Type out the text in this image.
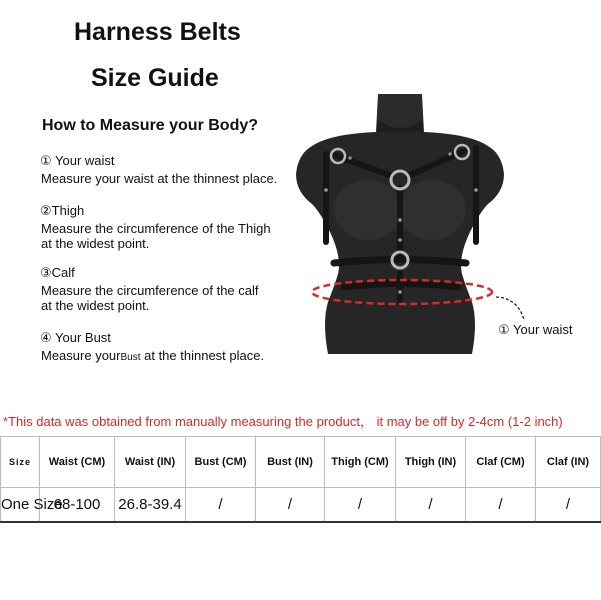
Harness Belts
Size Guide
How to Measure your Body?
① Your waist
Measure your waist at the thinnest place.
②Thigh
Measure the circumference of the Thigh
at the widest point.
③Calf
Measure the circumference of the calf
at the widest point.
④ Your Bust
Measure yourBust at the thinnest place.
① Your waist
*This data was obtained from manually measuring the product， it may be off by 2-4cm (1-2 inch)
Size	Waist (CM)	Waist (IN)	Bust (CM)	Bust (IN)	Thigh (CM)	Thigh (IN)	Claf (CM)	Claf (IN)
One Size	68-100	26.8-39.4	/	/	/	/	/	/
